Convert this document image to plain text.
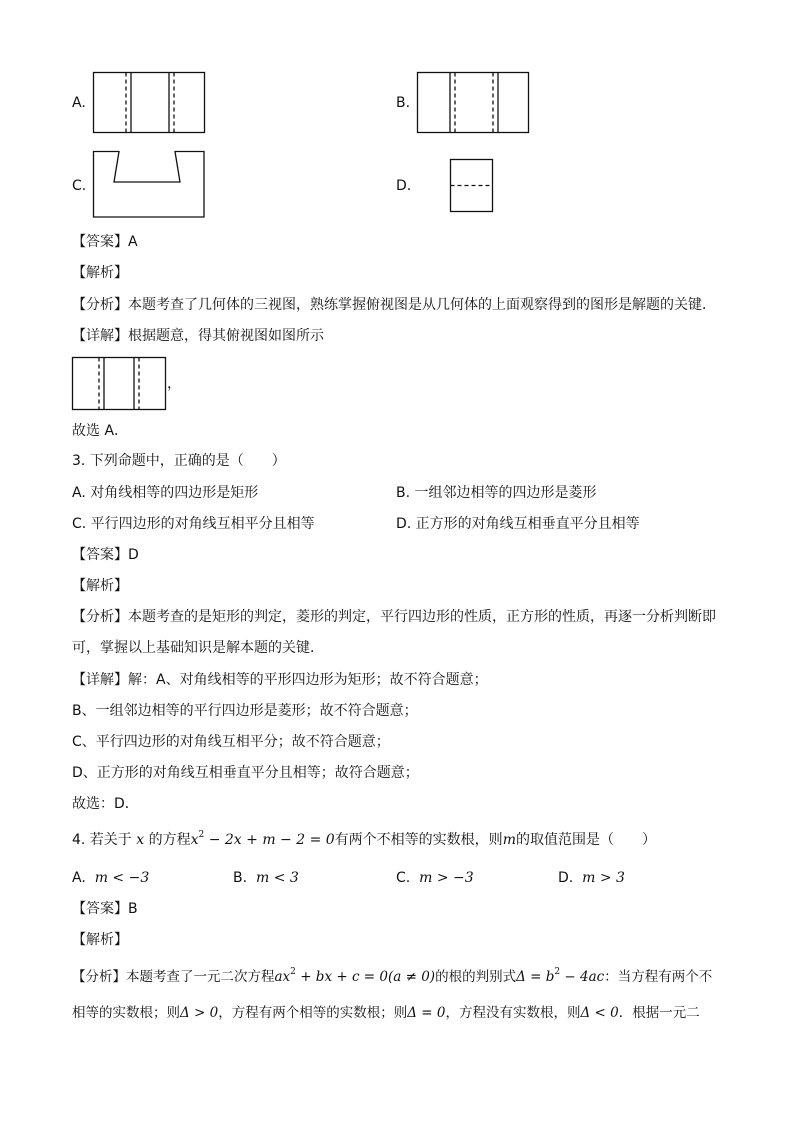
A.	B.
C.	D.
【答案】A
【解析】
【分析】本题考查了几何体的三视图，熟练掌握俯视图是从几何体的上面观察得到的图形是解题的关键．
【详解】根据题意，得其俯视图如图所示
，
故选 A．
3. 下列命题中，正确的是（　　）
A. 对角线相等的四边形是矩形	B. 一组邻边相等的四边形是菱形
C. 平行四边形的对角线互相平分且相等	D. 正方形的对角线互相垂直平分且相等
【答案】D
【解析】
【分析】本题考查的是矩形的判定，菱形的判定，平行四边形的性质，正方形的性质，再逐一分析判断即
可，掌握以上基础知识是解本题的关键．
【详解】解：A、对角线相等的平形四边形为矩形；故不符合题意；
B、一组邻边相等的平行四边形是菱形；故不符合题意；
C、平行四边形的对角线互相平分；故不符合题意；
D、正方形的对角线互相垂直平分且相等；故符合题意；
故选：D．
4. 若关于 x 的方程$x^2 - 2x + m - 2 = 0$有两个不相等的实数根，则m的取值范围是（　　）
A. m < −3	B. m < 3	C. m > −3	D. m > 3
【答案】B
【解析】
【分析】本题考查了一元二次方程$ax^2$ + bx + c = 0(a ≠ 0)的根的判别式$\Delta = b^2 - 4ac$：当方程有两个不
相等的实数根；则Δ > 0，方程有两个相等的实数根；则Δ = 0，方程没有实数根，则Δ < 0．根据一元二
